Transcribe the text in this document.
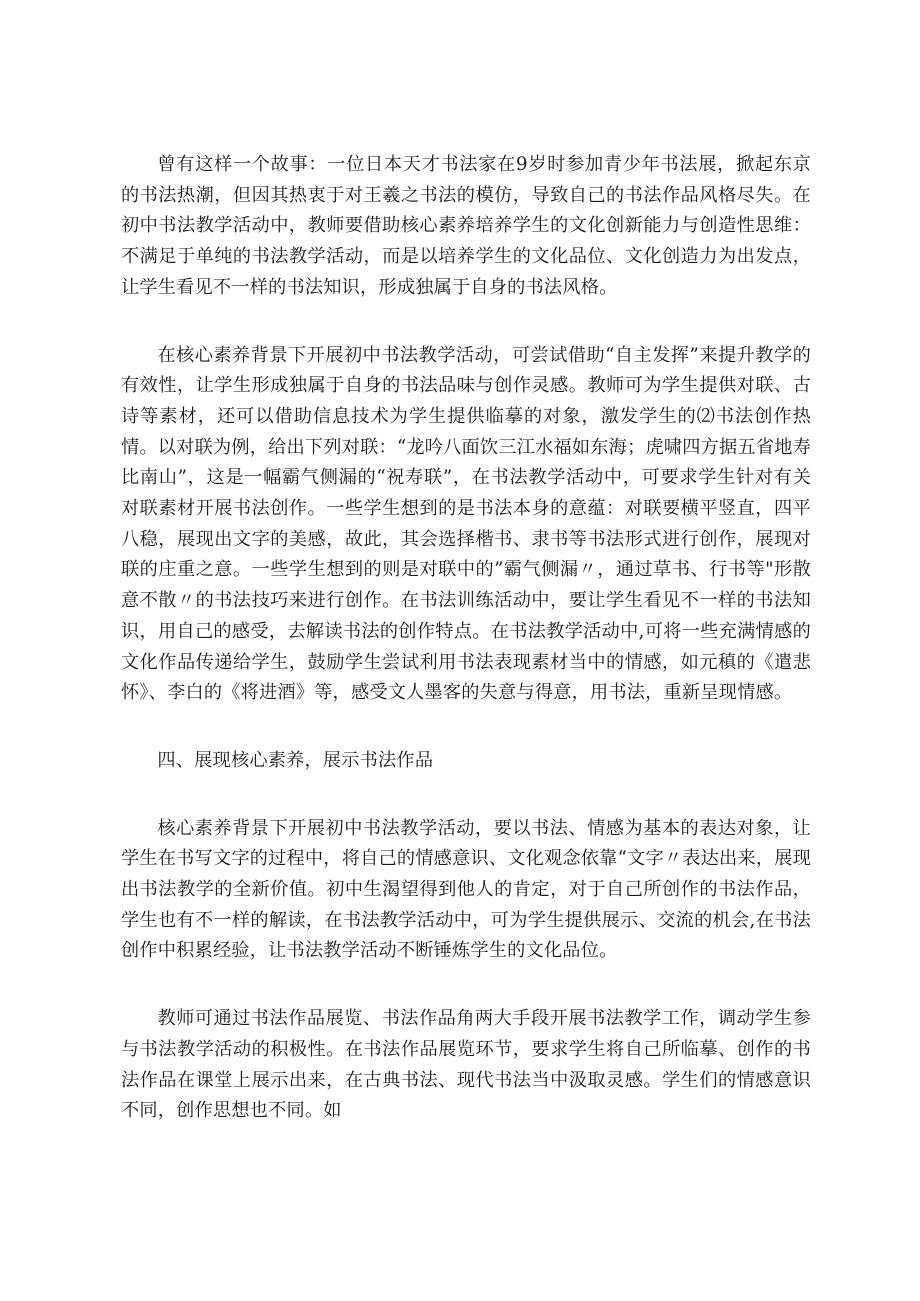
曾有这样一个故事：一位日本天才书法家在9岁时参加青少年书法展，掀起东京的书法热潮，但因其热衷于对王羲之书法的模仿，导致自己的书法作品风格尽失。在初中书法教学活动中，教师要借助核心素养培养学生的文化创新能力与创造性思维：不满足于单纯的书法教学活动，而是以培养学生的文化品位、文化创造力为出发点，让学生看见不一样的书法知识，形成独属于自身的书法风格。

在核心素养背景下开展初中书法教学活动，可尝试借助“自主发挥”来提升教学的有效性，让学生形成独属于自身的书法品味与创作灵感。教师可为学生提供对联、古诗等素材，还可以借助信息技术为学生提供临摹的对象，激发学生的⑵书法创作热情。以对联为例，给出下列对联：“龙吟八面饮三江水福如东海；虎啸四方据五省地寿比南山”，这是一幅霸气侧漏的“祝寿联”，在书法教学活动中，可要求学生针对有关对联素材开展书法创作。一些学生想到的是书法本身的意蕴：对联要横平竖直，四平八稳，展现出文字的美感，故此，其会选择楷书、隶书等书法形式进行创作，展现对联的庄重之意。一些学生想到的则是对联中的”霸气侧漏〃，通过草书、行书等"形散意不散〃的书法技巧来进行创作。在书法训练活动中，要让学生看见不一样的书法知识，用自己的感受，去解读书法的创作特点。在书法教学活动中,可将一些充满情感的文化作品传递给学生，鼓励学生尝试利用书法表现素材当中的情感，如元稹的《遣悲怀》、李白的《将进酒》等，感受文人墨客的失意与得意，用书法，重新呈现情感。

四、展现核心素养，展示书法作品

核心素养背景下开展初中书法教学活动，要以书法、情感为基本的表达对象，让学生在书写文字的过程中，将自己的情感意识、文化观念依靠“文字〃表达出来，展现出书法教学的全新价值。初中生渴望得到他人的肯定，对于自己所创作的书法作品，学生也有不一样的解读，在书法教学活动中，可为学生提供展示、交流的机会,在书法创作中积累经验，让书法教学活动不断锤炼学生的文化品位。

教师可通过书法作品展览、书法作品角两大手段开展书法教学工作，调动学生参与书法教学活动的积极性。在书法作品展览环节，要求学生将自己所临摹、创作的书法作品在课堂上展示出来，在古典书法、现代书法当中汲取灵感。学生们的情感意识不同，创作思想也不同。如
